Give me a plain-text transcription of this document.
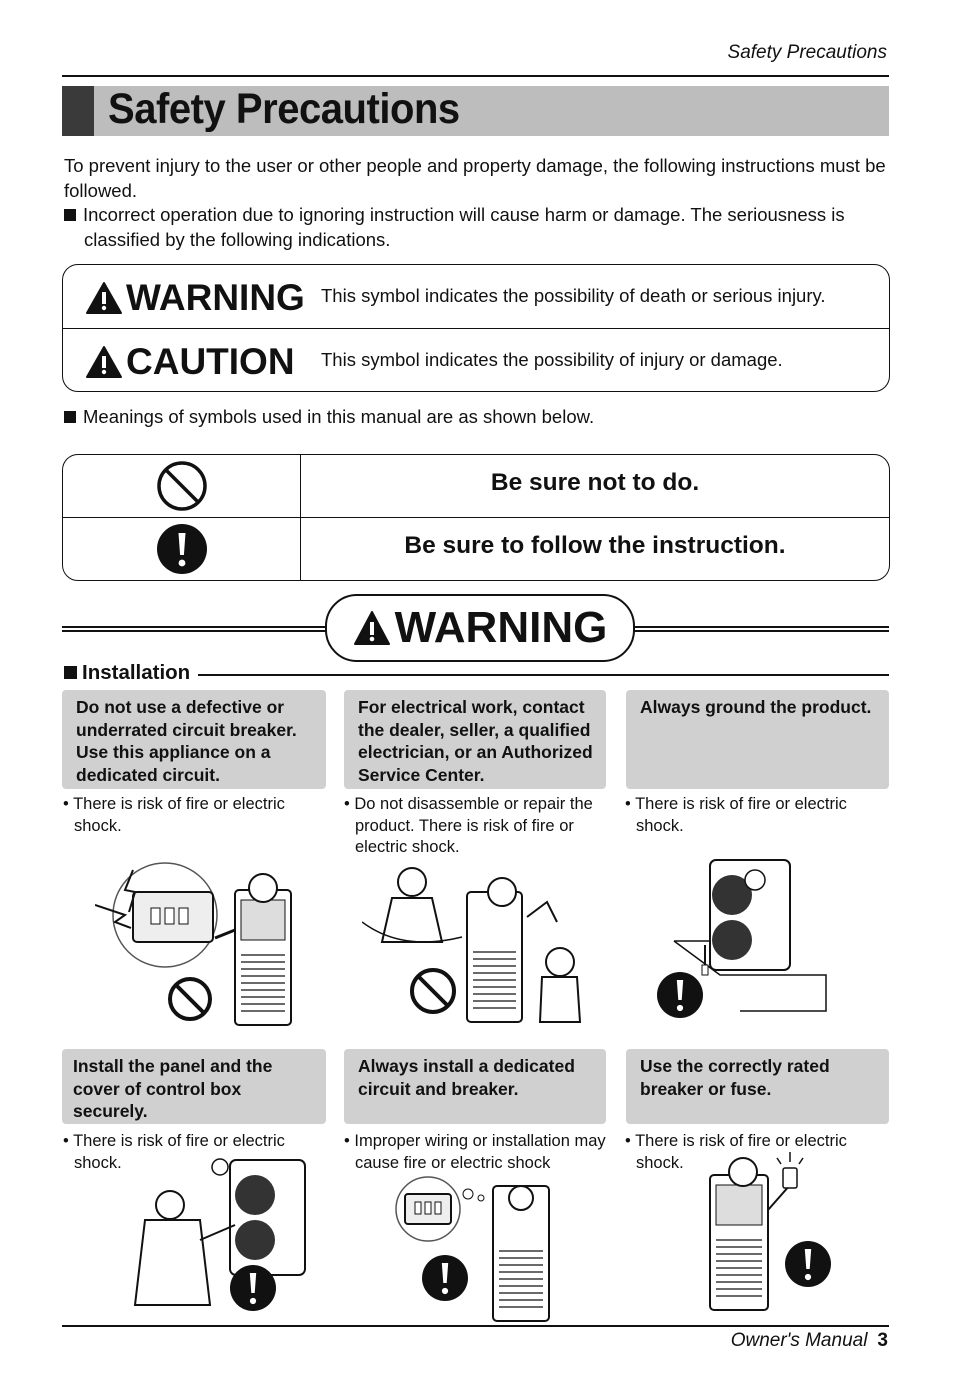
Safety Precautions
Safety Precautions

To prevent injury to the user or other people and property damage, the following instructions must be followed.

Incorrect operation due to ignoring instruction will cause harm or damage. The seriousness is classified by the following indications.

WARNING This symbol indicates the possibility of death or serious injury.
CAUTION This symbol indicates the possibility of injury or damage.
Meanings of symbols used in this manual are as shown below.
Be sure not to do.
Be sure to follow the instruction.
WARNING
Installation
Do not use a defective or underrated circuit breaker. Use this appliance on a dedicated circuit.
• There is risk of fire or electric shock.
For electrical work, contact the dealer, seller, a qualified electrician, or an Authorized Service Center.
• Do not disassemble or repair the product. There is risk of fire or electric shock.
Always ground the product.
• There is risk of fire or electric shock.
Install the panel and the cover of control box securely.
• There is risk of fire or electric shock.
Always install a dedicated circuit and breaker.
• Improper wiring or installation may cause fire or electric shock
Use the correctly rated breaker or fuse.
• There is risk of fire or electric shock.
Owner's Manual 3
